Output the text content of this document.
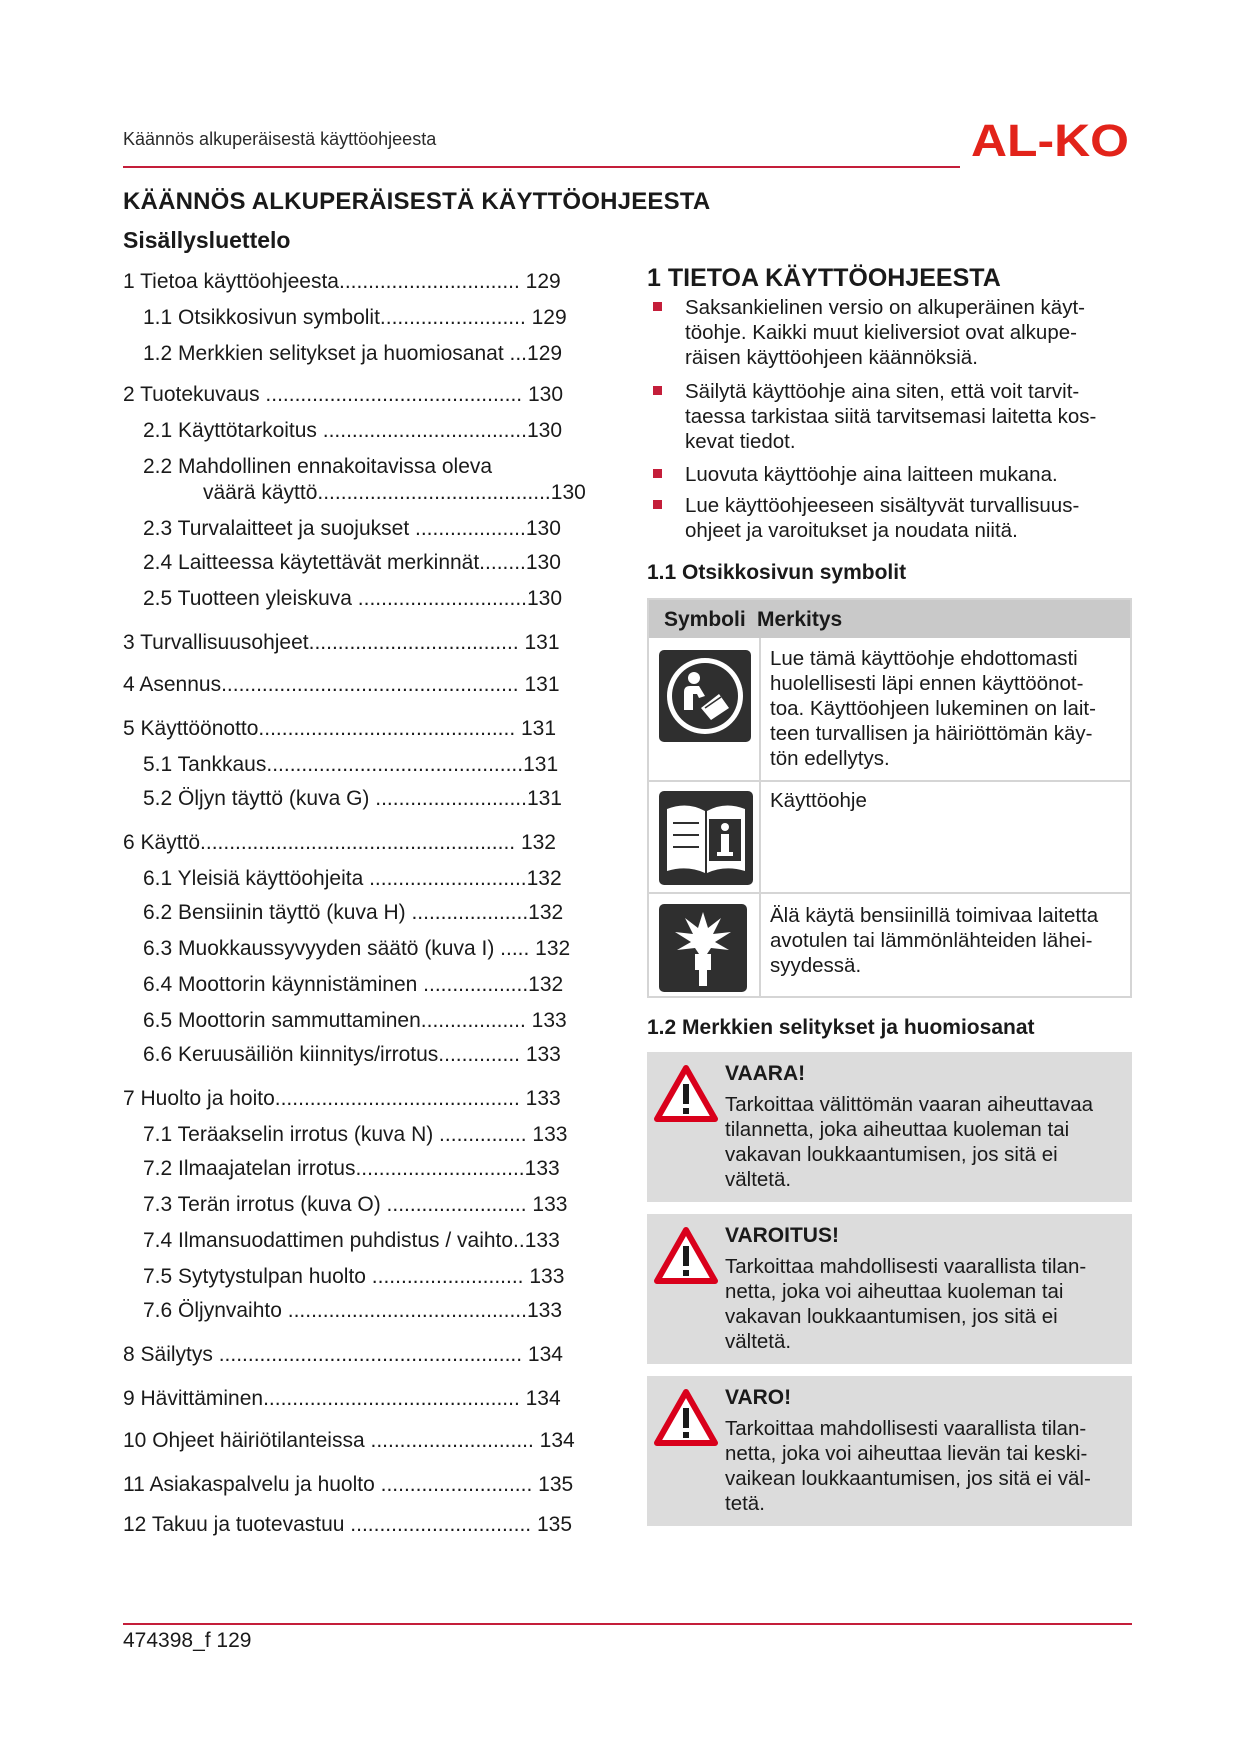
Käännös alkuperäisestä käyttöohjeesta	AL-KO
KÄÄNNÖS ALKUPERÄISESTÄ KÄYTTÖOHJEESTA
Sisällysluettelo
1 Tietoa käyttöohjeesta............................... 129
1.1 Otsikkosivun symbolit......................... 129
1.2 Merkkien selitykset ja huomiosanat ...129
2 Tuotekuvaus ............................................ 130
2.1 Käyttötarkoitus ...................................130
2.2 Mahdollinen ennakoitavissa oleva
väärä käyttö........................................130
2.3 Turvalaitteet ja suojukset ...................130
2.4 Laitteessa käytettävät merkinnät........130
2.5 Tuotteen yleiskuva .............................130
3 Turvallisuusohjeet.................................... 131
4 Asennus................................................... 131
5 Käyttöönotto............................................ 131
5.1 Tankkaus............................................131
5.2 Öljyn täyttö (kuva G) ..........................131
6 Käyttö...................................................... 132
6.1 Yleisiä käyttöohjeita ...........................132
6.2 Bensiinin täyttö (kuva H) ....................132
6.3 Muokkaussyvyyden säätö (kuva I) ..... 132
6.4 Moottorin käynnistäminen ..................132
6.5 Moottorin sammuttaminen.................. 133
6.6 Keruusäiliön kiinnitys/irrotus.............. 133
7 Huolto ja hoito.......................................... 133
7.1 Teräakselin irrotus (kuva N) ............... 133
7.2 Ilmaajatelan irrotus.............................133
7.3 Terän irrotus (kuva O) ........................ 133
7.4 Ilmansuodattimen puhdistus / vaihto..133
7.5 Sytytystulpan huolto .......................... 133
7.6 Öljynvaihto .........................................133
8 Säilytys .................................................... 134
9 Hävittäminen............................................ 134
10 Ohjeet häiriötilanteissa ............................ 134
11 Asiakaspalvelu ja huolto .......................... 135
12 Takuu ja tuotevastuu ............................... 135
1 TIETOA KÄYTTÖOHJEESTA
Saksankielinen versio on alkuperäinen käyt-
töohje. Kaikki muut kieliversiot ovat alkupe-
räisen käyttöohjeen käännöksiä.
Säilytä käyttöohje aina siten, että voit tarvit-
taessa tarkistaa siitä tarvitsemasi laitetta kos-
kevat tiedot.
Luovuta käyttöohje aina laitteen mukana.
Lue käyttöohjeeseen sisältyvät turvallisuus-
ohjeet ja varoitukset ja noudata niitä.
1.1 Otsikkosivun symbolit
Symboli Merkitys
Lue tämä käyttöohje ehdottomasti
huolellisesti läpi ennen käyttöönot-
toa. Käyttöohjeen lukeminen on lait-
teen turvallisen ja häiriöttömän käy-
tön edellytys.
Käyttöohje
Älä käytä bensiinillä toimivaa laitetta
avotulen tai lämmönlähteiden lähei-
syydessä.
1.2 Merkkien selitykset ja huomiosanat
VAARA!
Tarkoittaa välittömän vaaran aiheuttavaa
tilannetta, joka aiheuttaa kuoleman tai
vakavan loukkaantumisen, jos sitä ei
vältetä.
VAROITUS!
Tarkoittaa mahdollisesti vaarallista tilan-
netta, joka voi aiheuttaa kuoleman tai
vakavan loukkaantumisen, jos sitä ei
vältetä.
VARO!
Tarkoittaa mahdollisesti vaarallista tilan-
netta, joka voi aiheuttaa lievän tai keski-
vaikean loukkaantumisen, jos sitä ei väl-
tetä.
474398_f 129
